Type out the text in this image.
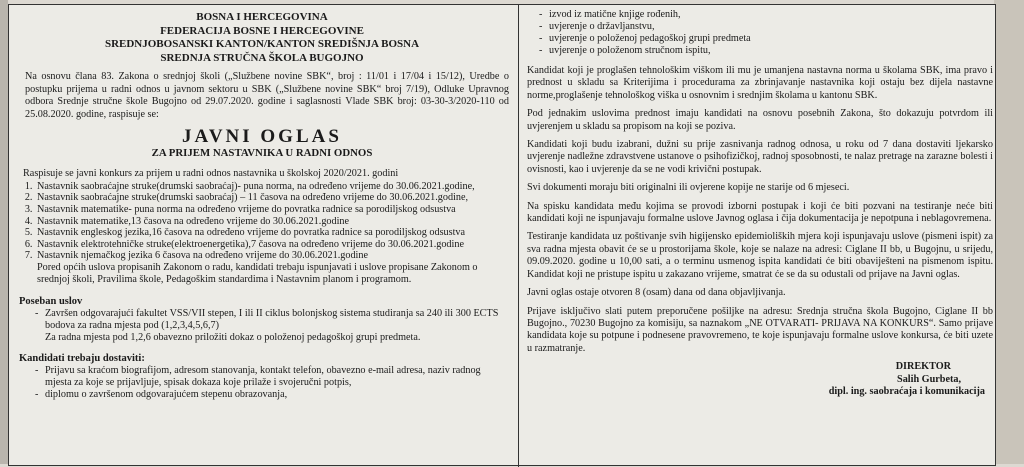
BOSNA I HERCEGOVINA

FEDERACIJA BOSNE I HERCEGOVINE

SREDNJOBOSANSKI KANTON/KANTON SREDIŠNJA BOSNA

SREDNJA STRUČNA ŠKOLA BUGOJNO

Na osnovu člana 83. Zakona o srednjoj školi („Službene novine SBK“, broj : 11/01 i 17/04 i 15/12), Uredbe o postupku prijema u radni odnos u javnom sektoru u SBK („Službene novine SBK“ broj 7/19), Odluke Upravnog odbora Srednje stručne škole Bugojno od 29.07.2020. godine i saglasnosti Vlade SBK broj: 03-30-3/2020-110 od 25.08.2020. godine, raspisuje se:

JAVNI OGLAS

ZA PRIJEM NASTAVNIKA U RADNI ODNOS

Raspisuje se javni konkurs za prijem u radni odnos nastavnika u školskoj 2020/2021. godini

1. Nastavnik saobraćajne struke(drumski saobraćaj)- puna norma, na određeno vrijeme do 30.06.2021.godine,
2. Nastavnik saobraćajne struke(drumski saobraćaj) – 11 časova na određeno vrijeme do 30.06.2021.godine,
3. Nastavnik matematike- puna norma na određeno vrijeme do povratka radnice sa porodiljskog odsustva
4. Nastavnik matematike,13 časova na određeno vrijeme do 30.06.2021.godine
5. Nastavnik engleskog jezika,16 časova na određeno vrijeme do povratka radnice sa porodiljskog odsustva
6. Nastavnik elektrotehničke struke(elektroenergetika),7 časova na određeno vrijeme do 30.06.2021.godine
7. Nastavnik njemačkog jezika 6 časova na određeno vrijeme do 30.06.2021.godine

Pored općih uslova propisanih Zakonom o radu, kandidati trebaju ispunjavati i uslove propisane Zakonom o srednjoj školi, Pravilima škole, Pedagoškim standardima i Nastavnim planom i programom.

Poseban uslov

- Završen odgovarajući fakultet VSS/VII stepen, I ili II ciklus bolonjskog sistema studiranja sa 240 ili 300 ECTS bodova za radna mjesta pod (1,2,3,4,5,6,7)

Za radna mjesta pod 1,2,6 obavezno priložiti dokaz o položenoj pedagoškoj grupi predmeta.

Kandidati trebaju dostaviti:

- Prijavu sa kraćom biografijom, adresom stanovanja, kontakt telefon, obavezno e-mail adresa, naziv radnog mjesta za koje se prijavljuje, spisak dokaza koje prilaže i svojeručni potpis,
- diplomu o završenom odgovarajućem stepenu obrazovanja,
- izvod iz matične knjige rođenih,
- uvjerenje o državljanstvu,
- uvjerenje o položenoj pedagoškoj grupi predmeta
- uvjerenje o položenom stručnom ispitu,

Kandidat koji je proglašen tehnološkim viškom ili mu je umanjena nastavna norma u školama SBK, ima pravo i prednost u skladu sa Kriterijima i procedurama za zbrinjavanje nastavnika koji ostaju bez dijela nastavne norme,proglašenje tehnološkog viška u osnovnim i srednjim školama u kantonu SBK.

Pod jednakim uslovima prednost imaju kandidati na osnovu posebnih Zakona, što dokazuju potvrdom ili uvjerenjem u skladu sa propisom na koji se poziva.

Kandidati koji budu izabrani, dužni su prije zasnivanja radnog odnosa, u roku od 7 dana dostaviti ljekarsko uvjerenje nadležne zdravstvene ustanove o psihofizičkoj, radnoj sposobnosti, te nalaz pretrage na zarazne bolesti i ovisnosti, kao i uvjerenje da se ne vodi krivični postupak.

Svi dokumenti moraju biti originalni ili ovjerene kopije ne starije od 6 mjeseci.

Na spisku kandidata među kojima se provodi izborni postupak i koji će biti pozvani na testiranje neće biti kandidati koji ne ispunjavaju formalne uslove Javnog oglasa i čija dokumentacija je nepotpuna i neblagovremena.

Testiranje kandidata uz poštivanje svih higijensko epidemioliških mjera koji ispunjavaju uslove (pismeni ispit) za sva radna mjesta obavit će se u prostorijama škole, koje se nalaze na adresi: Ciglane II bb, u Bugojnu, u srijedu, 09.09.2020. godine u 10,00 sati, a o terminu usmenog ispita kandidati će biti obaviješteni na pismenom ispitu. Kandidat koji ne pristupe ispitu u zakazano vrijeme, smatrat će se da su odustali od prijave na Javni oglas.

Javni oglas ostaje otvoren 8 (osam) dana od dana objavljivanja.

Prijave isključivo slati putem preporučene pošiljke na adresu: Srednja stručna škola Bugojno, Ciglane II bb Bugojno., 70230 Bugojno za komisiju, sa naznakom „NE OTVARATI- PRIJAVA NA KONKURS“. Samo prijave kandidata koje su potpune i podnesene pravovremeno, te koje ispunjavaju formalne uslove konkursa, će biti uzete u razmatranje.

DIREKTOR

Salih Gurbeta,

dipl. ing. saobraćaja i komunikacija
